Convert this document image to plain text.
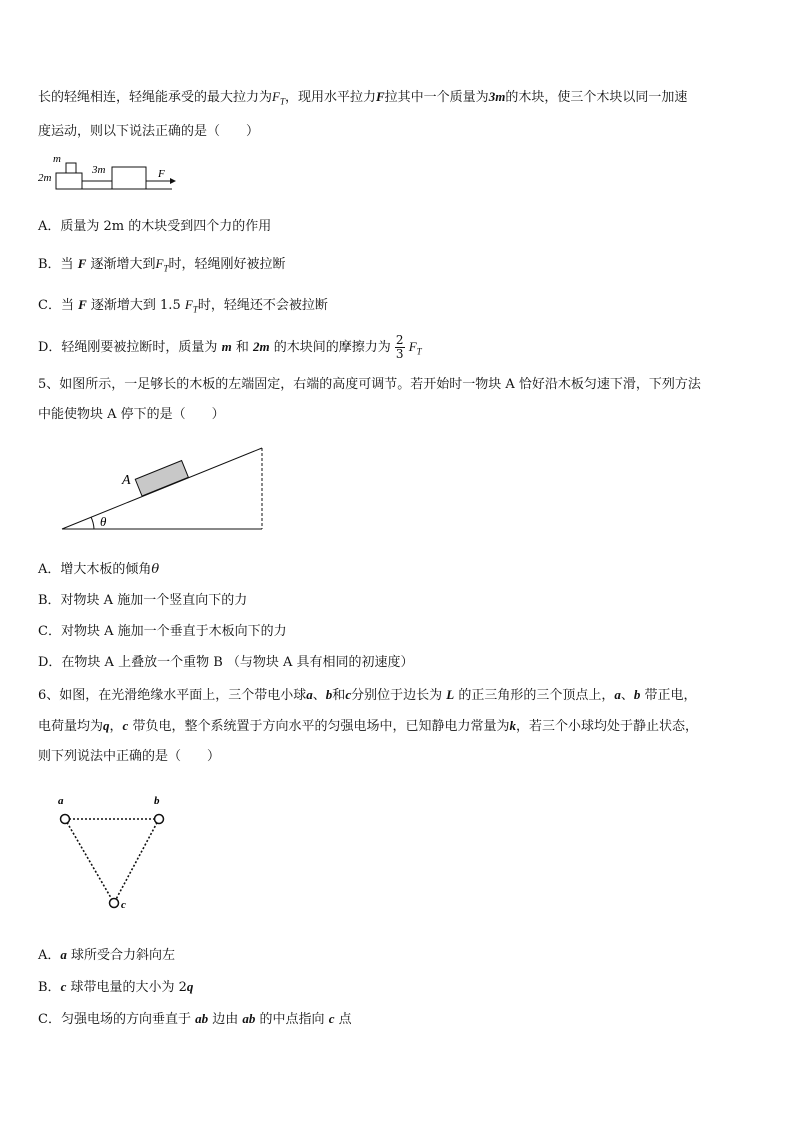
长的轻绳相连，轻绳能承受的最大拉力为$F_T$，现用水平拉力F拉其中一个质量为3m的木块，使三个木块以同一加速
度运动，则以下说法正确的是（　　）
m
2m
3m	F
A．质量为 2m 的木块受到四个力的作用
B．当 F 逐渐增大到$F_T$时，轻绳刚好被拉断
C．当 F 逐渐增大到 1.5 $F_T$时，轻绳还不会被拉断
D．轻绳刚要被拉断时，质量为 m 和 2m 的木块间的摩擦力为 $\frac{2}{3} F_T$
5、如图所示，一足够长的木板的左端固定，右端的高度可调节。若开始时一物块 A 恰好沿木板匀速下滑，下列方法
中能使物块 A 停下的是（　　）
A
θ
A．增大木板的倾角θ
B．对物块 A 施加一个竖直向下的力
C．对物块 A 施加一个垂直于木板向下的力
D．在物块 A 上叠放一个重物 B （与物块 A 具有相同的初速度）
6、如图，在光滑绝缘水平面上，三个带电小球a、b和c分别位于边长为 L 的正三角形的三个顶点上，a、b 带正电，
电荷量均为q，c 带负电，整个系统置于方向水平的匀强电场中，已知静电力常量为k，若三个小球均处于静止状态，
则下列说法中正确的是（　　）
a	b
c
A．a 球所受合力斜向左
B．c 球带电量的大小为 2q
C．匀强电场的方向垂直于 ab 边由 ab 的中点指向 c 点
